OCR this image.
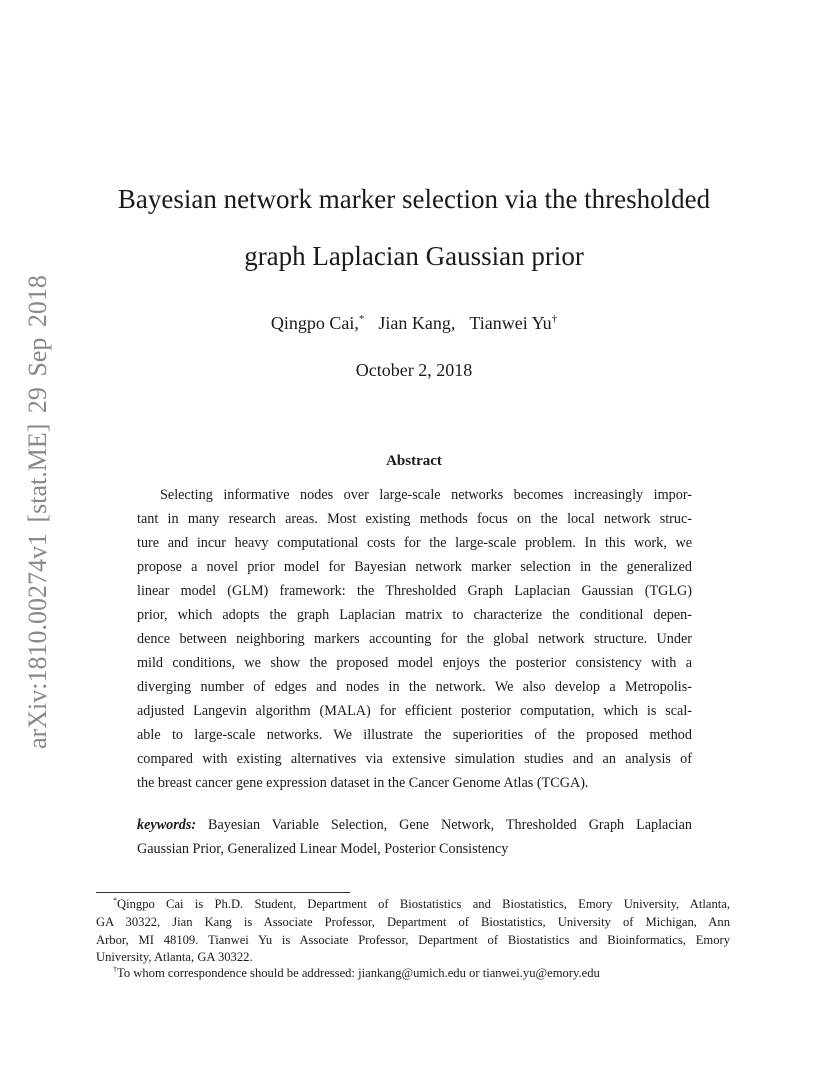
arXiv:1810.00274v1 [stat.ME] 29 Sep 2018
Bayesian network marker selection via the thresholded
graph Laplacian Gaussian prior
Qingpo Cai,* Jian Kang, Tianwei Yu†
October 2, 2018
Abstract
Selecting informative nodes over large-scale networks becomes increasingly impor-
tant in many research areas. Most existing methods focus on the local network struc-
ture and incur heavy computational costs for the large-scale problem. In this work, we
propose a novel prior model for Bayesian network marker selection in the generalized
linear model (GLM) framework: the Thresholded Graph Laplacian Gaussian (TGLG)
prior, which adopts the graph Laplacian matrix to characterize the conditional depen-
dence between neighboring markers accounting for the global network structure. Under
mild conditions, we show the proposed model enjoys the posterior consistency with a
diverging number of edges and nodes in the network. We also develop a Metropolis-
adjusted Langevin algorithm (MALA) for efficient posterior computation, which is scal-
able to large-scale networks. We illustrate the superiorities of the proposed method
compared with existing alternatives via extensive simulation studies and an analysis of
the breast cancer gene expression dataset in the Cancer Genome Atlas (TCGA).
keywords: Bayesian Variable Selection, Gene Network, Thresholded Graph Laplacian
Gaussian Prior, Generalized Linear Model, Posterior Consistency
*Qingpo Cai is Ph.D. Student, Department of Biostatistics and Biostatistics, Emory University, Atlanta,
GA 30322, Jian Kang is Associate Professor, Department of Biostatistics, University of Michigan, Ann
Arbor, MI 48109. Tianwei Yu is Associate Professor, Department of Biostatistics and Bioinformatics, Emory
University, Atlanta, GA 30322.
†To whom correspondence should be addressed: jiankang@umich.edu or tianwei.yu@emory.edu
